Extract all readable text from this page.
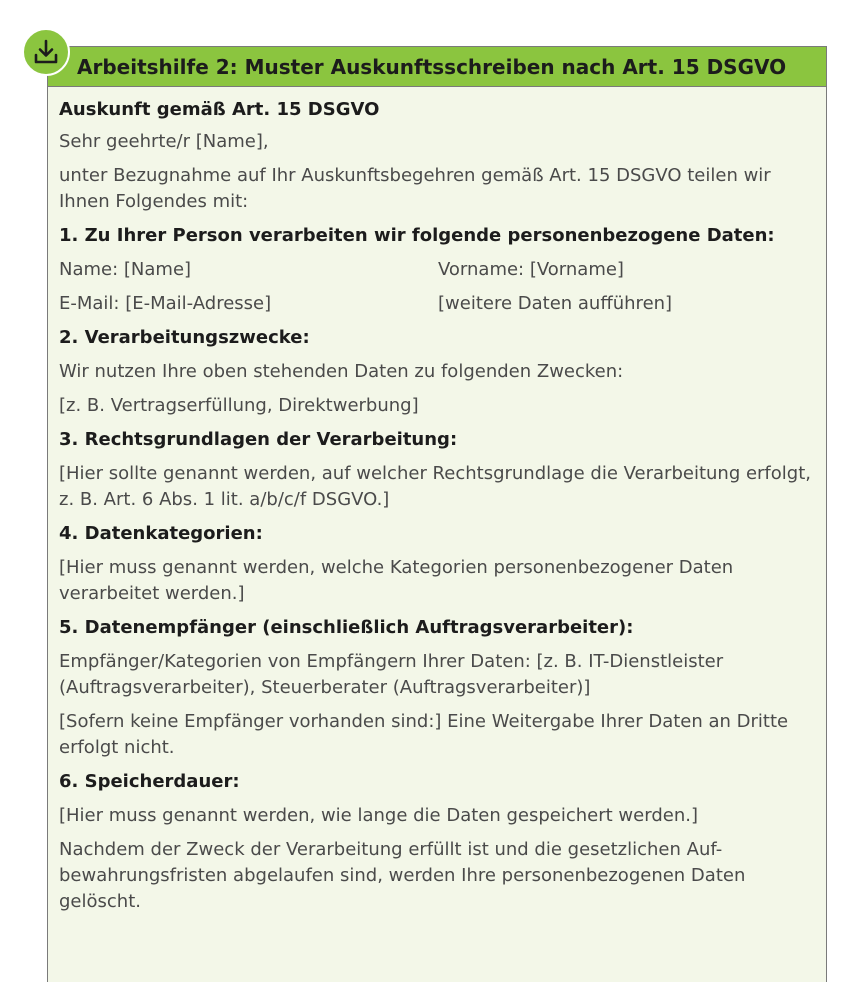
Arbeitshilfe 2: Muster Auskunftsschreiben nach Art. 15 DSGVO

Auskunft gemäß Art. 15 DSGVO

Sehr geehrte/r [Name],

unter Bezugnahme auf Ihr Auskunftsbegehren gemäß Art. 15 DSGVO teilen wir

Ihnen Folgendes mit:

1. Zu Ihrer Person verarbeiten wir folgende personenbezogene Daten:

Name: [Name]	Vorname: [Vorname]
E-Mail: [E-Mail-Adresse]	[weitere Daten aufführen]

2. Verarbeitungszwecke:

Wir nutzen Ihre oben stehenden Daten zu folgenden Zwecken:

[z. B. Vertragserfüllung, Direktwerbung]

3. Rechtsgrundlagen der Verarbeitung:

[Hier sollte genannt werden, auf welcher Rechtsgrundlage die Verarbeitung erfolgt,

z. B. Art. 6 Abs. 1 lit. a/b/c/f DSGVO.]

4. Datenkategorien:

[Hier muss genannt werden, welche Kategorien personenbezogener Daten

verarbeitet werden.]

5. Datenempfänger (einschließlich Auftragsverarbeiter):

Empfänger/Kategorien von Empfängern Ihrer Daten: [z. B. IT-Dienstleister

(Auftragsverarbeiter), Steuerberater (Auftragsverarbeiter)]

[Sofern keine Empfänger vorhanden sind:] Eine Weitergabe Ihrer Daten an Dritte

erfolgt nicht.

6. Speicherdauer:

[Hier muss genannt werden, wie lange die Daten gespeichert werden.]

Nachdem der Zweck der Verarbeitung erfüllt ist und die gesetzlichen Auf-

bewahrungsfristen abgelaufen sind, werden Ihre personenbezogenen Daten

gelöscht.
